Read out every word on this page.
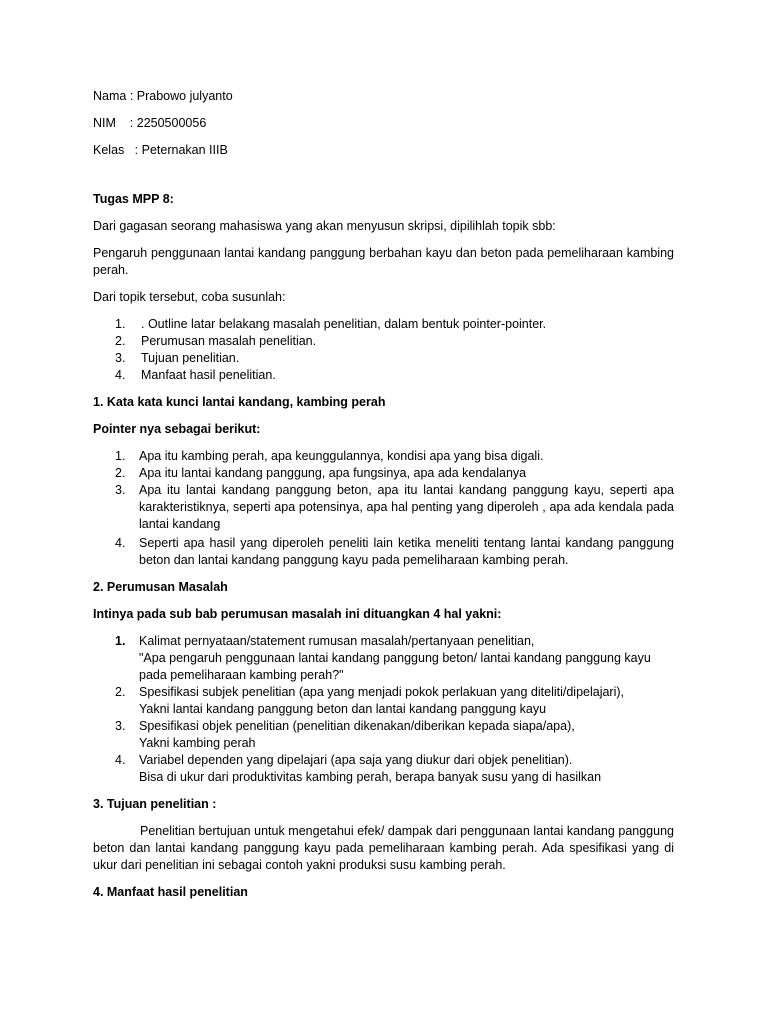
Nama : Prabowo julyanto

NIM    : 2250500056

Kelas   : Peternakan IIIB

Tugas MPP 8:

Dari gagasan seorang mahasiswa yang akan menyusun skripsi, dipilihlah topik sbb:

Pengaruh penggunaan lantai kandang panggung berbahan kayu dan beton pada pemeliharaan kambing perah.

Dari topik tersebut, coba susunlah:

1. . Outline latar belakang masalah penelitian, dalam bentuk pointer-pointer.
2. Perumusan masalah penelitian.
3. Tujuan penelitian.
4. Manfaat hasil penelitian.

1. Kata kata kunci lantai kandang, kambing perah

Pointer nya sebagai berikut:

1. Apa itu kambing perah, apa keunggulannya, kondisi apa yang bisa digali.
2. Apa itu lantai kandang panggung, apa fungsinya, apa ada kendalanya
3. Apa itu lantai kandang panggung beton, apa itu lantai kandang panggung kayu, seperti apa karakteristiknya, seperti apa potensinya, apa hal penting yang diperoleh , apa ada kendala pada lantai kandang
4. Seperti apa hasil yang diperoleh peneliti lain ketika meneliti tentang lantai kandang panggung beton dan lantai kandang panggung kayu pada pemeliharaan kambing perah.

2. Perumusan Masalah

Intinya pada sub bab perumusan masalah ini dituangkan 4 hal yakni:

1. Kalimat pernyataan/statement rumusan masalah/pertanyaan penelitian,
"Apa pengaruh penggunaan lantai kandang panggung beton/ lantai kandang panggung kayu pada pemeliharaan kambing perah?"
2. Spesifikasi subjek penelitian (apa yang menjadi pokok perlakuan yang diteliti/dipelajari),
Yakni lantai kandang panggung beton dan lantai kandang panggung kayu
3. Spesifikasi objek penelitian (penelitian dikenakan/diberikan kepada siapa/apa),
Yakni kambing perah
4. Variabel dependen yang dipelajari (apa saja yang diukur dari objek penelitian).
Bisa di ukur dari produktivitas kambing perah, berapa banyak susu yang di hasilkan

3. Tujuan penelitian :

Penelitian bertujuan untuk mengetahui efek/ dampak dari penggunaan lantai kandang panggung beton dan lantai kandang panggung kayu pada pemeliharaan kambing perah. Ada spesifikasi yang di ukur dari penelitian ini sebagai contoh yakni produksi susu kambing perah.

4. Manfaat hasil penelitian
